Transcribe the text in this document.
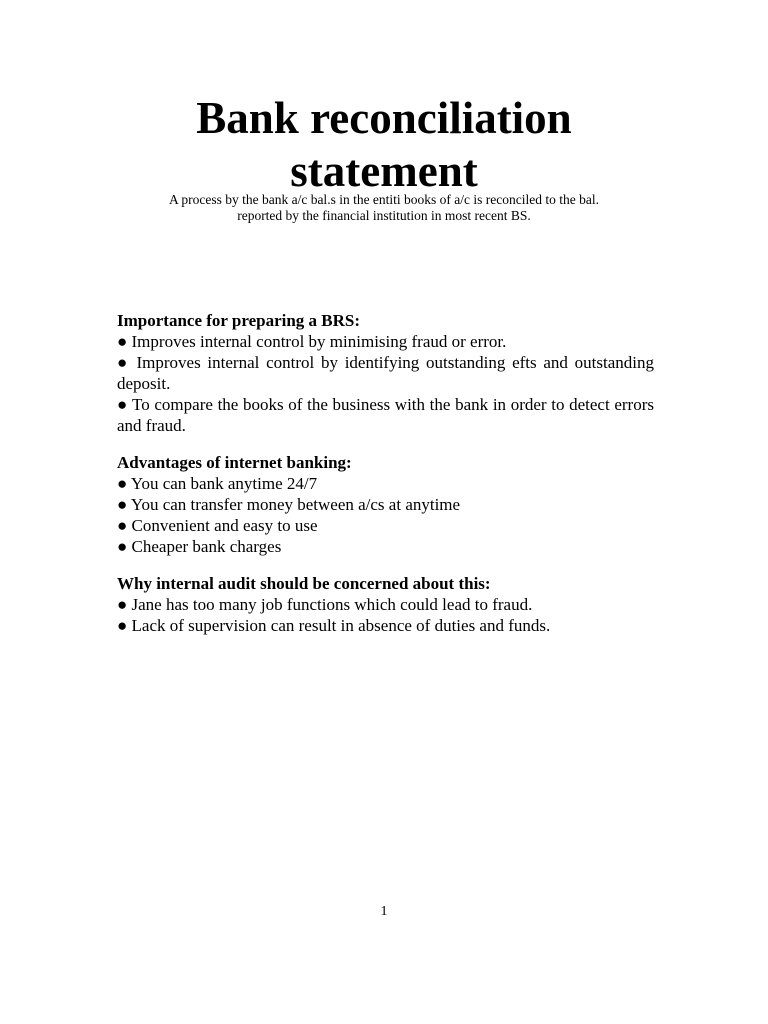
Bank reconciliation
statement

A process by the bank a/c bal.s in the entiti books of a/c is reconciled to the bal.
reported by the financial institution in most recent BS.

Importance for preparing a BRS:
● Improves internal control by minimising fraud or error.
● Improves internal control by identifying outstanding efts and outstanding deposit.
● To compare the books of the business with the bank in order to detect errors and fraud.
Advantages of internet banking:
● You can bank anytime 24/7
● You can transfer money between a/cs at anytime
● Convenient and easy to use
● Cheaper bank charges
Why internal audit should be concerned about this:
● Jane has too many job functions which could lead to fraud.
● Lack of supervision can result in absence of duties and funds.
1
